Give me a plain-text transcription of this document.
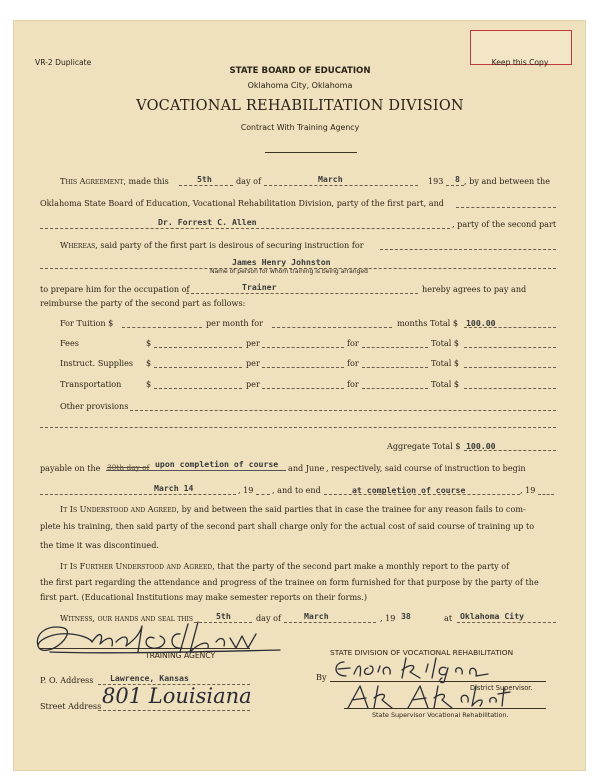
VR-2 Duplicate	Keep this Copy
STATE BOARD OF EDUCATION
Oklahoma City, Oklahoma
VOCATIONAL REHABILITATION DIVISION
Contract With Training Agency
This Agreement, made this	5th	day of	March	193 8 , by and between the
Oklahoma State Board of Education, Vocational Rehabilitation Division, party of the first part, and
Dr. Forrest C. Allen	, party of the second part
Whereas, said party of the first part is desirous of securing instruction for
James Henry Johnston
Name of person for whom training is being arranged
to prepare him for the occupation of	Trainer	hereby agrees to pay and
reimburse the party of the second part as follows:
For Tuition $	per month for	months Total $ 100.00
Fees	$	per	for	Total $
Instruct. Supplies $	per	for	Total $
Transportation	$	per	for	Total $
Other provisions
Aggregate Total $ 100.00
payable on the 30th day of upon completion of course and June , respectively, said course of instruction to begin
March 14	, 19 , and to end	at completion of course	, 19
It Is Understood and Agreed, by and between the said parties that in case the trainee for any reason fails to com-
plete his training, then said party of the second part shall charge only for the actual cost of said course of training up to
the time it was discontinued.
It Is Further Understood and Agreed, that the party of the second part make a monthly report to the party of
the first part regarding the attendance and progress of the trainee on form furnished for that purpose by the party of the
first part. (Educational Institutions may make semester reports on their forms.)
Witness, our hands and seal this	5th	day of	March	, 19 38	at Oklahoma City
TRAINING AGENCY	STATE DIVISION OF VOCATIONAL REHABILITATION
P. O. Address Lawrence, Kansas
Street Address 801 Louisiana
By
District Supervisor.
State Supervisor Vocational Rehabilitation.
